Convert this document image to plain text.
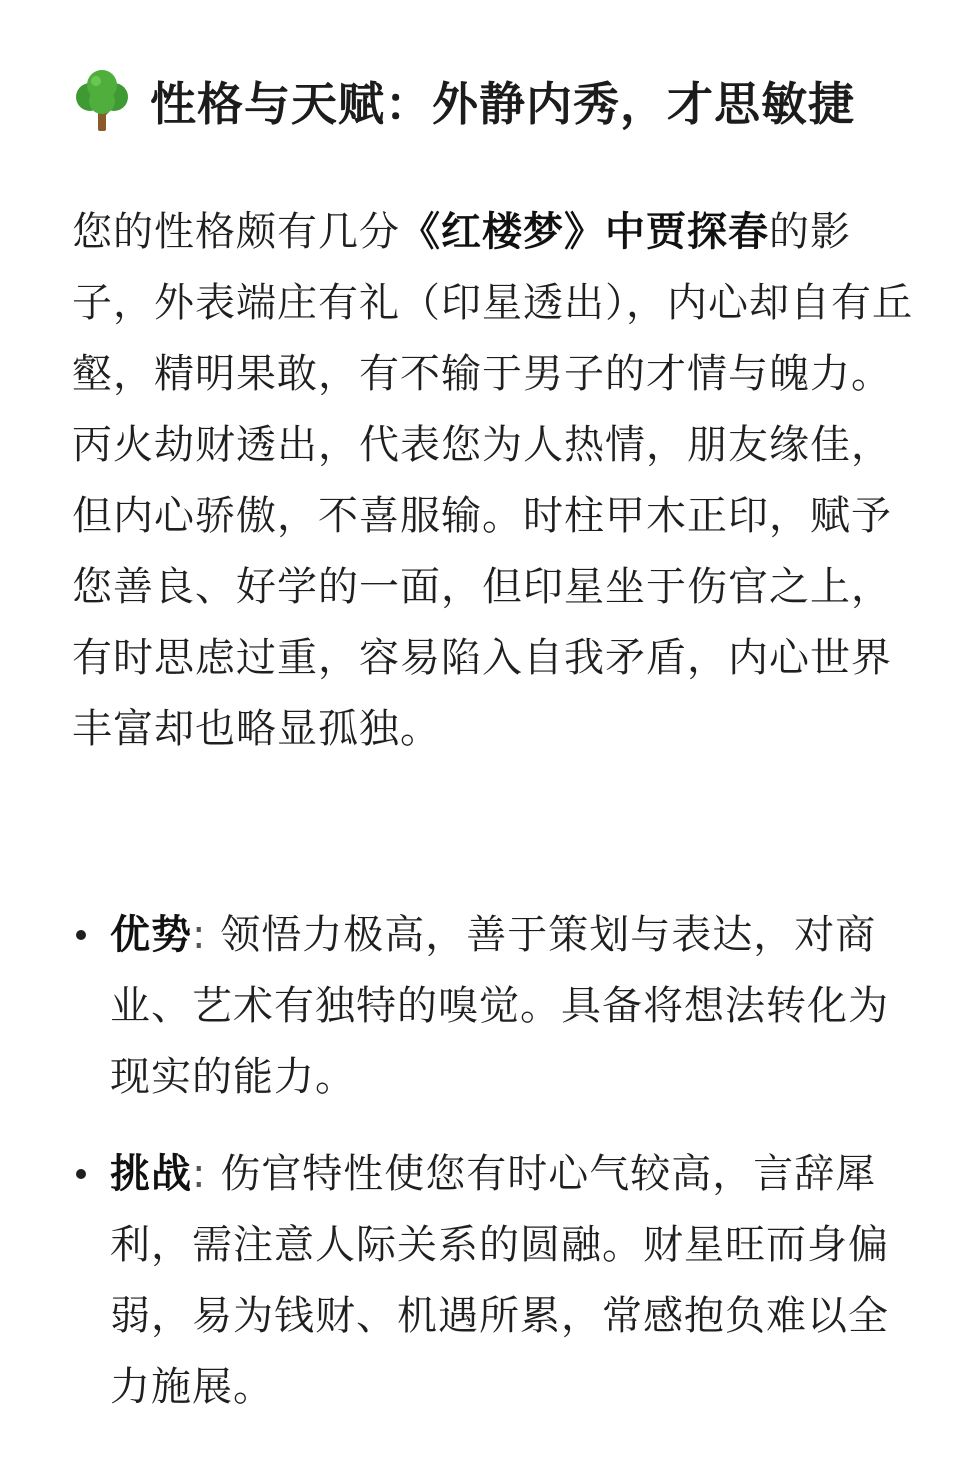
性格与天赋：外静内秀，才思敏捷

您的性格颇有几分《红楼梦》中贾探春的影子，外表端庄有礼（印星透出），内心却自有丘壑，精明果敢，有不输于男子的才情与魄力。丙火劫财透出，代表您为人热情，朋友缘佳，但内心骄傲，不喜服输。时柱甲木正印，赋予您善良、好学的一面，但印星坐于伤官之上，有时思虑过重，容易陷入自我矛盾，内心世界丰富却也略显孤独。

优势: 领悟力极高，善于策划与表达，对商业、艺术有独特的嗅觉。具备将想法转化为现实的能力。
挑战: 伤官特性使您有时心气较高，言辞犀利，需注意人际关系的圆融。财星旺而身偏弱，易为钱财、机遇所累，常感抱负难以全力施展。
